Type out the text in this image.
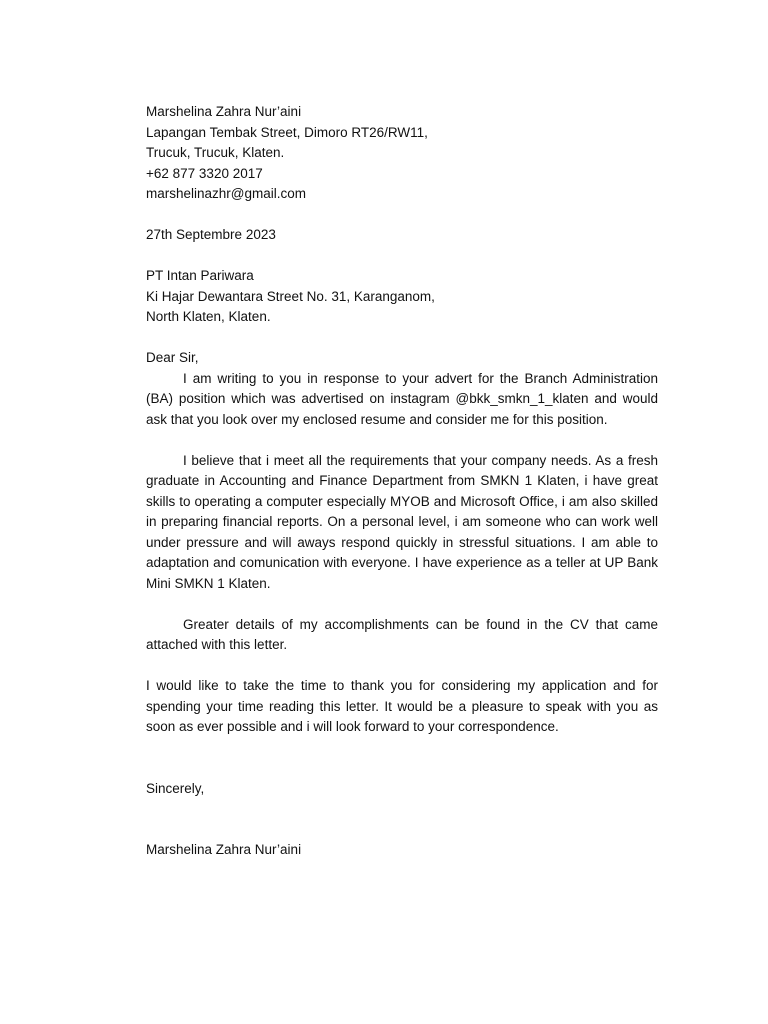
Marshelina Zahra Nur’aini
Lapangan Tembak Street, Dimoro RT26/RW11,
Trucuk, Trucuk, Klaten.
+62 877 3320 2017
marshelinazhr@gmail.com
27th Septembre 2023
PT Intan Pariwara
Ki Hajar Dewantara Street No. 31, Karanganom,
North Klaten, Klaten.
Dear Sir,

I am writing to you in response to your advert for the Branch Administration (BA) position which was advertised on instagram @bkk_smkn_1_klaten and would ask that you look over my enclosed resume and consider me for this position.

I believe that i meet all the requirements that your company needs. As a fresh graduate in Accounting and Finance Department from SMKN 1 Klaten, i have great skills to operating a computer especially MYOB and Microsoft Office, i am also skilled in preparing financial reports. On a personal level, i am someone who can work well under pressure and will aways respond quickly in stressful situations. I am able to adaptation and comunication with everyone. I have experience as a teller at UP Bank Mini SMKN 1 Klaten.

Greater details of my accomplishments can be found in the CV that came attached with this letter.

I would like to take the time to thank you for considering my application and for spending your time reading this letter. It would be a pleasure to speak with you as soon as ever possible and i will look forward to your correspondence.

Sincerely,
Marshelina Zahra Nur’aini
